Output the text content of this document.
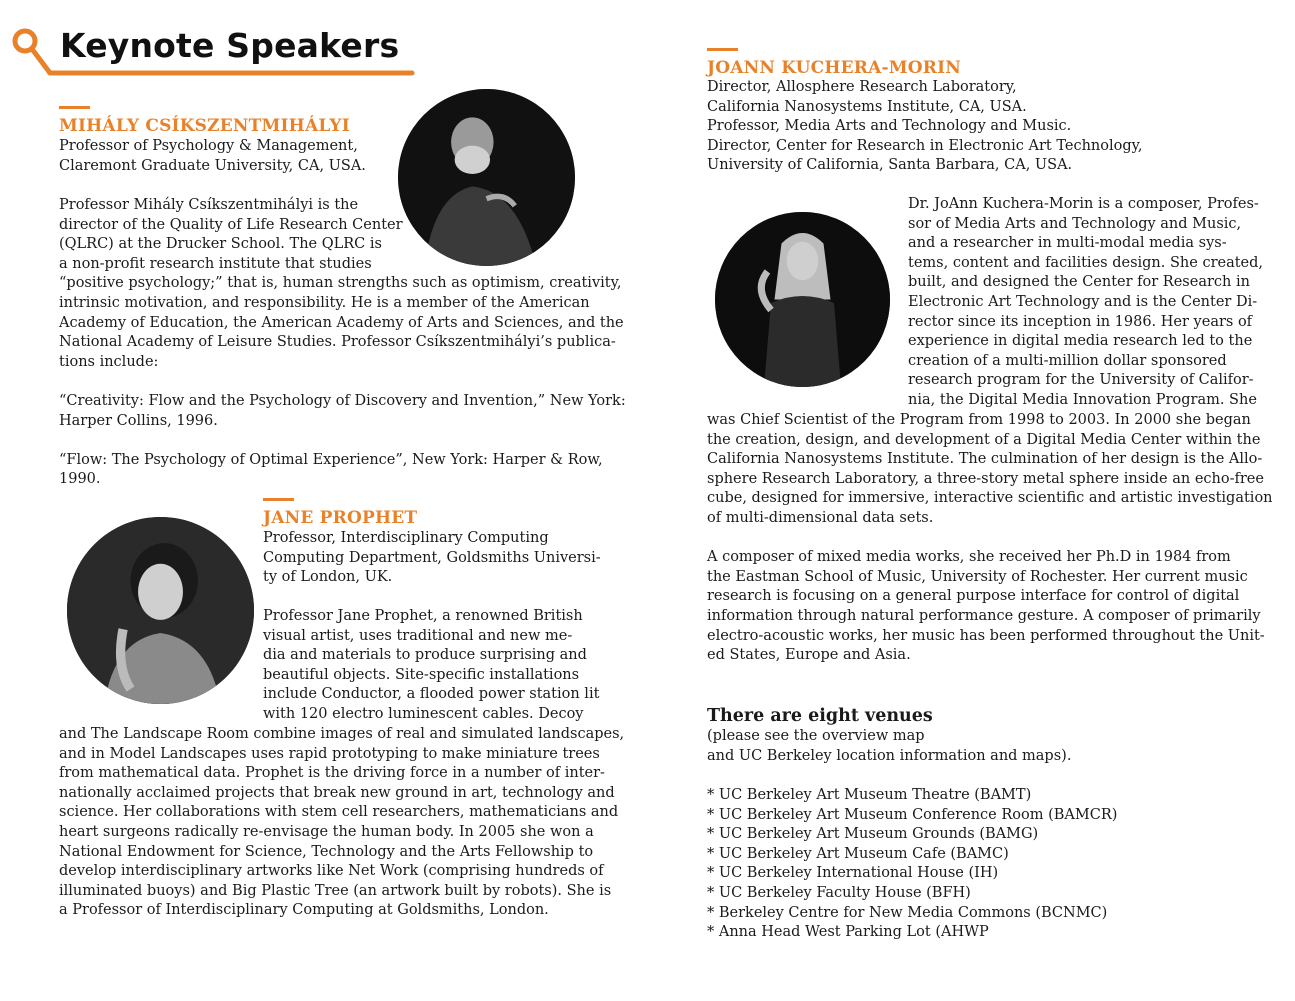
Keynote Speakers
MIHÁLY CSÍKSZENTMIHÁLYI
Professor of Psychology & Management,
Claremont Graduate University, CA, USA.
Professor Mihály Csíkszentmihályi is the
director of the Quality of Life Research Center
(QLRC) at the Drucker School. The QLRC is
a non-profit research institute that studies
“positive psychology;” that is, human strengths such as optimism, creativity,
intrinsic motivation, and responsibility. He is a member of the American
Academy of Education, the American Academy of Arts and Sciences, and the
National Academy of Leisure Studies. Professor Csíkszentmihályi’s publica-
tions include:

“Creativity: Flow and the Psychology of Discovery and Invention,” New York:
Harper Collins, 1996.

“Flow: The Psychology of Optimal Experience”, New York: Harper & Row,
1990.
JANE PROPHET
Professor, Interdisciplinary Computing
Computing Department, Goldsmiths Universi-
ty of London, UK.
Professor Jane Prophet, a renowned British
visual artist, uses traditional and new me-
dia and materials to produce surprising and
beautiful objects. Site-specific installations
include Conductor, a flooded power station lit
with 120 electro luminescent cables. Decoy
and The Landscape Room combine images of real and simulated landscapes,
and in Model Landscapes uses rapid prototyping to make miniature trees
from mathematical data. Prophet is the driving force in a number of inter-
nationally acclaimed projects that break new ground in art, technology and
science. Her collaborations with stem cell researchers, mathematicians and
heart surgeons radically re-envisage the human body. In 2005 she won a
National Endowment for Science, Technology and the Arts Fellowship to
develop interdisciplinary artworks like Net Work (comprising hundreds of
illuminated buoys) and Big Plastic Tree (an artwork built by robots). She is
a Professor of Interdisciplinary Computing at Goldsmiths, London.
JOANN KUCHERA-MORIN
Director, Allosphere Research Laboratory,
California Nanosystems Institute, CA, USA.
Professor, Media Arts and Technology and Music.
Director, Center for Research in Electronic Art Technology,
University of California, Santa Barbara, CA, USA.
Dr. JoAnn Kuchera-Morin is a composer, Profes-
sor of Media Arts and Technology and Music,
and a researcher in multi-modal media sys-
tems, content and facilities design. She created,
built, and designed the Center for Research in
Electronic Art Technology and is the Center Di-
rector since its inception in 1986. Her years of
experience in digital media research led to the
creation of a multi-million dollar sponsored
research program for the University of Califor-
nia, the Digital Media Innovation Program. She
was Chief Scientist of the Program from 1998 to 2003. In 2000 she began
the creation, design, and development of a Digital Media Center within the
California Nanosystems Institute. The culmination of her design is the Allo-
sphere Research Laboratory, a three-story metal sphere inside an echo-free
cube, designed for immersive, interactive scientific and artistic investigation
of multi-dimensional data sets.

A composer of mixed media works, she received her Ph.D in 1984 from
the Eastman School of Music, University of Rochester. Her current music
research is focusing on a general purpose interface for control of digital
information through natural performance gesture. A composer of primarily
electro-acoustic works, her music has been performed throughout the Unit-
ed States, Europe and Asia.
There are eight venues
(please see the overview map
and UC Berkeley location information and maps).
* UC Berkeley Art Museum Theatre (BAMT)
* UC Berkeley Art Museum Conference Room (BAMCR)
* UC Berkeley Art Museum Grounds (BAMG)
* UC Berkeley Art Museum Cafe (BAMC)
* UC Berkeley International House (IH)
* UC Berkeley Faculty House (BFH)
* Berkeley Centre for New Media Commons (BCNMC)
* Anna Head West Parking Lot (AHWP
